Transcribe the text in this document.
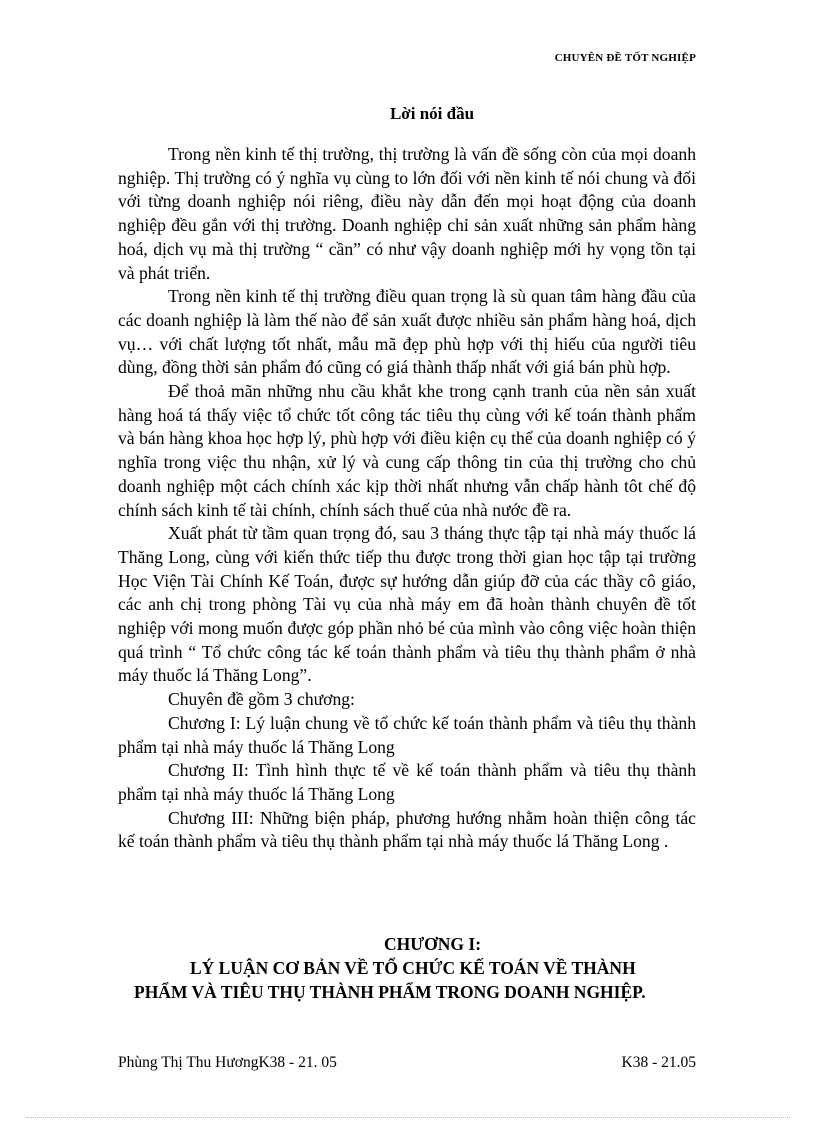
CHUYÊN ĐỀ TỐT NGHIỆP
Lời nói đầu

Trong nền kinh tế thị trường, thị trường là vấn đề sống còn của mọi doanh nghiệp. Thị trường có ý nghĩa vụ cùng to lớn đối với nền kinh tế nói chung và đối với từng doanh nghiệp nói riêng, điều này dẫn đến mọi hoạt động của doanh nghiệp đều gắn với thị trường. Doanh nghiệp chỉ sản xuất những sản phẩm hàng hoá, dịch vụ mà thị trường “ cần” có như vậy doanh nghiệp mới hy vọng tồn tại và phát triển.

Trong nền kinh tế thị trường điều quan trọng là sù quan tâm hàng đầu của các doanh nghiệp là làm thế nào để sản xuất được nhiều sản phẩm hàng hoá, dịch vụ… với chất lượng tốt nhất, mẫu mã đẹp phù hợp với thị hiếu của người tiêu dùng, đồng thời sản phẩm đó cũng có giá thành thấp nhất với giá bán phù hợp.

Để thoả mãn những nhu cầu khắt khe trong cạnh tranh của nền sản xuất hàng hoá tá thấy việc tổ chức tốt công tác tiêu thụ cùng với kế toán thành phẩm và bán hàng khoa học hợp lý, phù hợp với điều kiện cụ thể của doanh nghiệp có ý nghĩa trong việc thu nhận, xử lý và cung cấp thông tin của thị trường cho chủ doanh nghiệp một cách chính xác kịp thời nhất nhưng vẫn chấp hành tôt chế độ chính sách kinh tế tài chính, chính sách thuế của nhà nước đề ra.

Xuất phát từ tầm quan trọng đó, sau 3 tháng thực tập tại nhà máy thuốc lá Thăng Long, cùng với kiến thức tiếp thu được trong thời gian học tập tại trường Học Viện Tài Chính Kế Toán, được sự hướng dẫn giúp đỡ của các thầy cô giáo, các anh chị trong phòng Tài vụ của nhà máy em đã hoàn thành chuyên đề tốt nghiệp với mong muốn được góp phần nhỏ bé của mình vào công việc hoàn thiện quá trình “ Tổ chức công tác kế toán thành phẩm và tiêu thụ thành phẩm ở nhà máy thuốc lá Thăng Long”.

Chuyên đề gồm 3 chương:

Chương I: Lý luận chung về tổ chức kế toán thành phẩm và tiêu thụ thành phẩm tại nhà máy thuốc lá Thăng Long

Chương II: Tình hình thực tế về kế toán thành phẩm và tiêu thụ thành phẩm tại nhà máy thuốc lá Thăng Long

Chương III: Những biện pháp, phương hướng nhằm hoàn thiện công tác kế toán thành phẩm và tiêu thụ thành phẩm tại nhà máy thuốc lá Thăng Long .

CHƯƠNG I:
LÝ LUẬN CƠ BẢN VỀ TỔ CHỨC KẾ TOÁN VỀ THÀNH
PHẨM VÀ TIÊU THỤ THÀNH PHẨM TRONG DOANH NGHIỆP.
Phùng Thị Thu HươngK38 - 21. 05	K38 - 21.05
